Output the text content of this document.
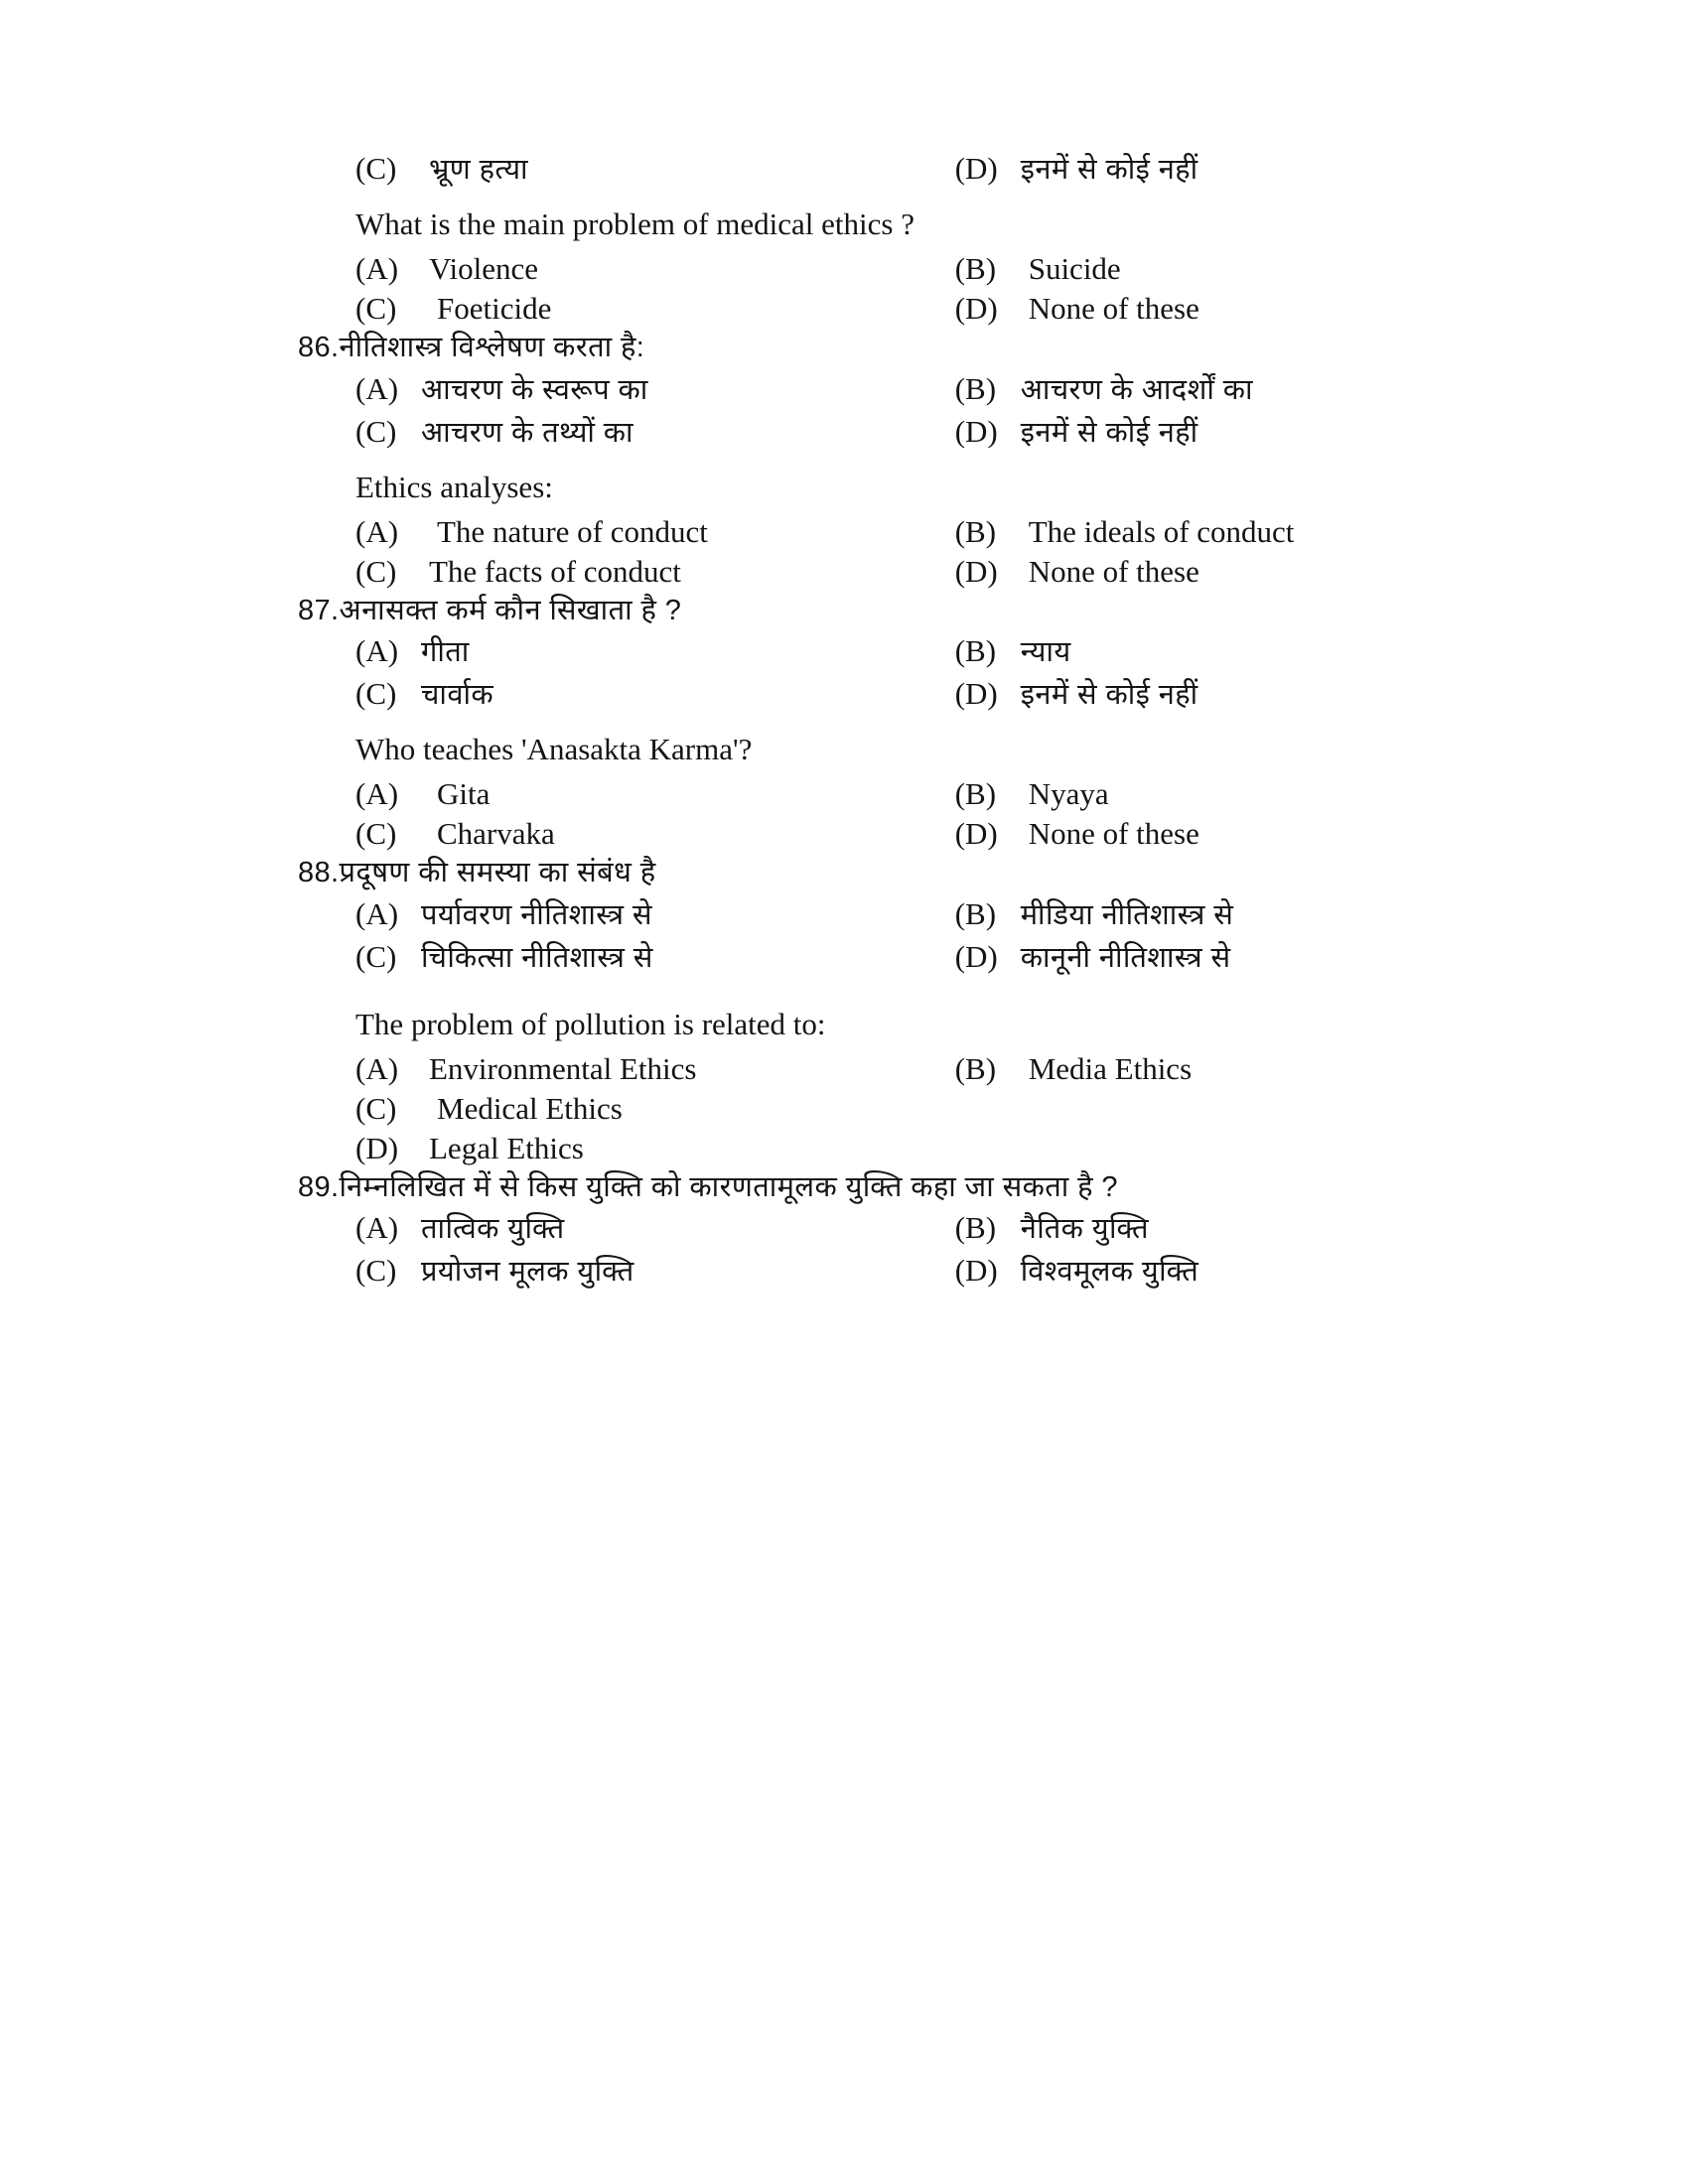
(C)	भ्रूण हत्या	(D) इनमें से कोई नहीं
What is the main problem of medical ethics ?
(A) Violence	(B)	Suicide
(C)	Foeticide	(D) None of these
86. नीतिशास्त्र विश्लेषण करता है:
(A) आचरण के स्वरूप का	(B) आचरण के आदर्शों का
(C) आचरण के तथ्यों का	(D) इनमें से कोई नहीं
Ethics analyses:
(A)	The nature of conduct	(B)	The ideals of conduct
(C)	The facts of conduct	(D) None of these
87. अनासक्त कर्म कौन सिखाता है ?
(A) गीता	(B) न्याय
(C) चार्वाक	(D) इनमें से कोई नहीं
Who teaches 'Anasakta Karma'?
(A)	Gita	(B)	Nyaya
(C)	Charvaka	(D) None of these
88. प्रदूषण की समस्या का संबंध है
(A) पर्यावरण नीतिशास्त्र से	(B) मीडिया नीतिशास्त्र से
(C) चिकित्सा नीतिशास्त्र से	(D) कानूनी नीतिशास्त्र से
The problem of pollution is related to:
(A) Environmental Ethics	(B)	Media Ethics
(C)	Medical Ethics
(D) Legal Ethics
89. निम्नलिखित में से किस युक्ति को कारणतामूलक युक्ति कहा जा सकता है ?
(A) तात्विक युक्ति	(B) नैतिक युक्ति
(C) प्रयोजन मूलक युक्ति	(D) विश्वमूलक युक्ति
